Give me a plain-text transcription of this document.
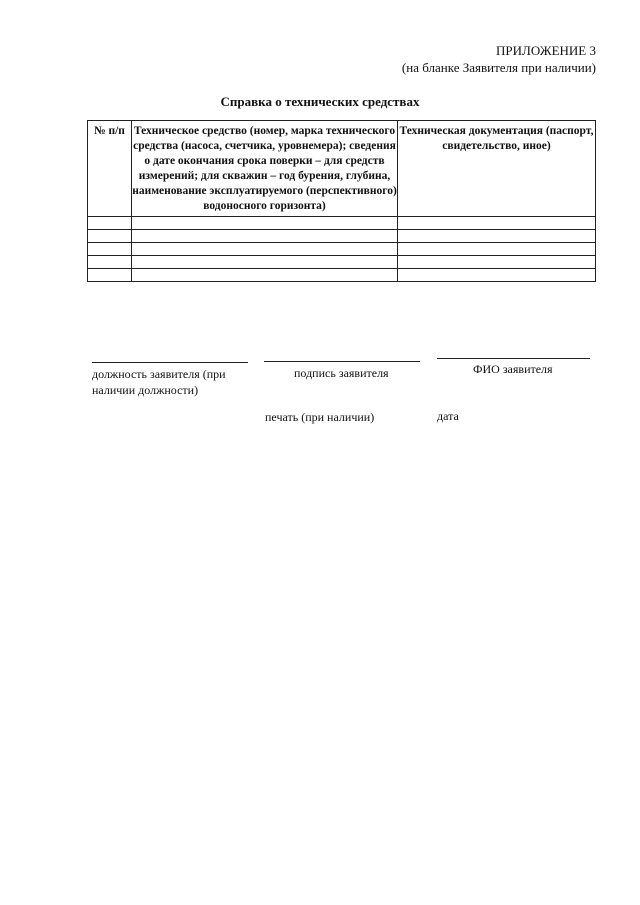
ПРИЛОЖЕНИЕ 3
(на бланке Заявителя при наличии)
Справка о технических средствах
№ п/п	Техническое средство (номер, марка технического средства (насоса, счетчика, уровнемера); сведения о дате окончания срока поверки – для средств измерений; для скважин – год бурения, глубина, наименование эксплуатируемого (перспективного) водоносного горизонта)	Техническая документация (паспорт, свидетельство, иное)

должность заявителя (при наличии должности)
подпись заявителя	ФИО заявителя
печать (при наличии)	дата
